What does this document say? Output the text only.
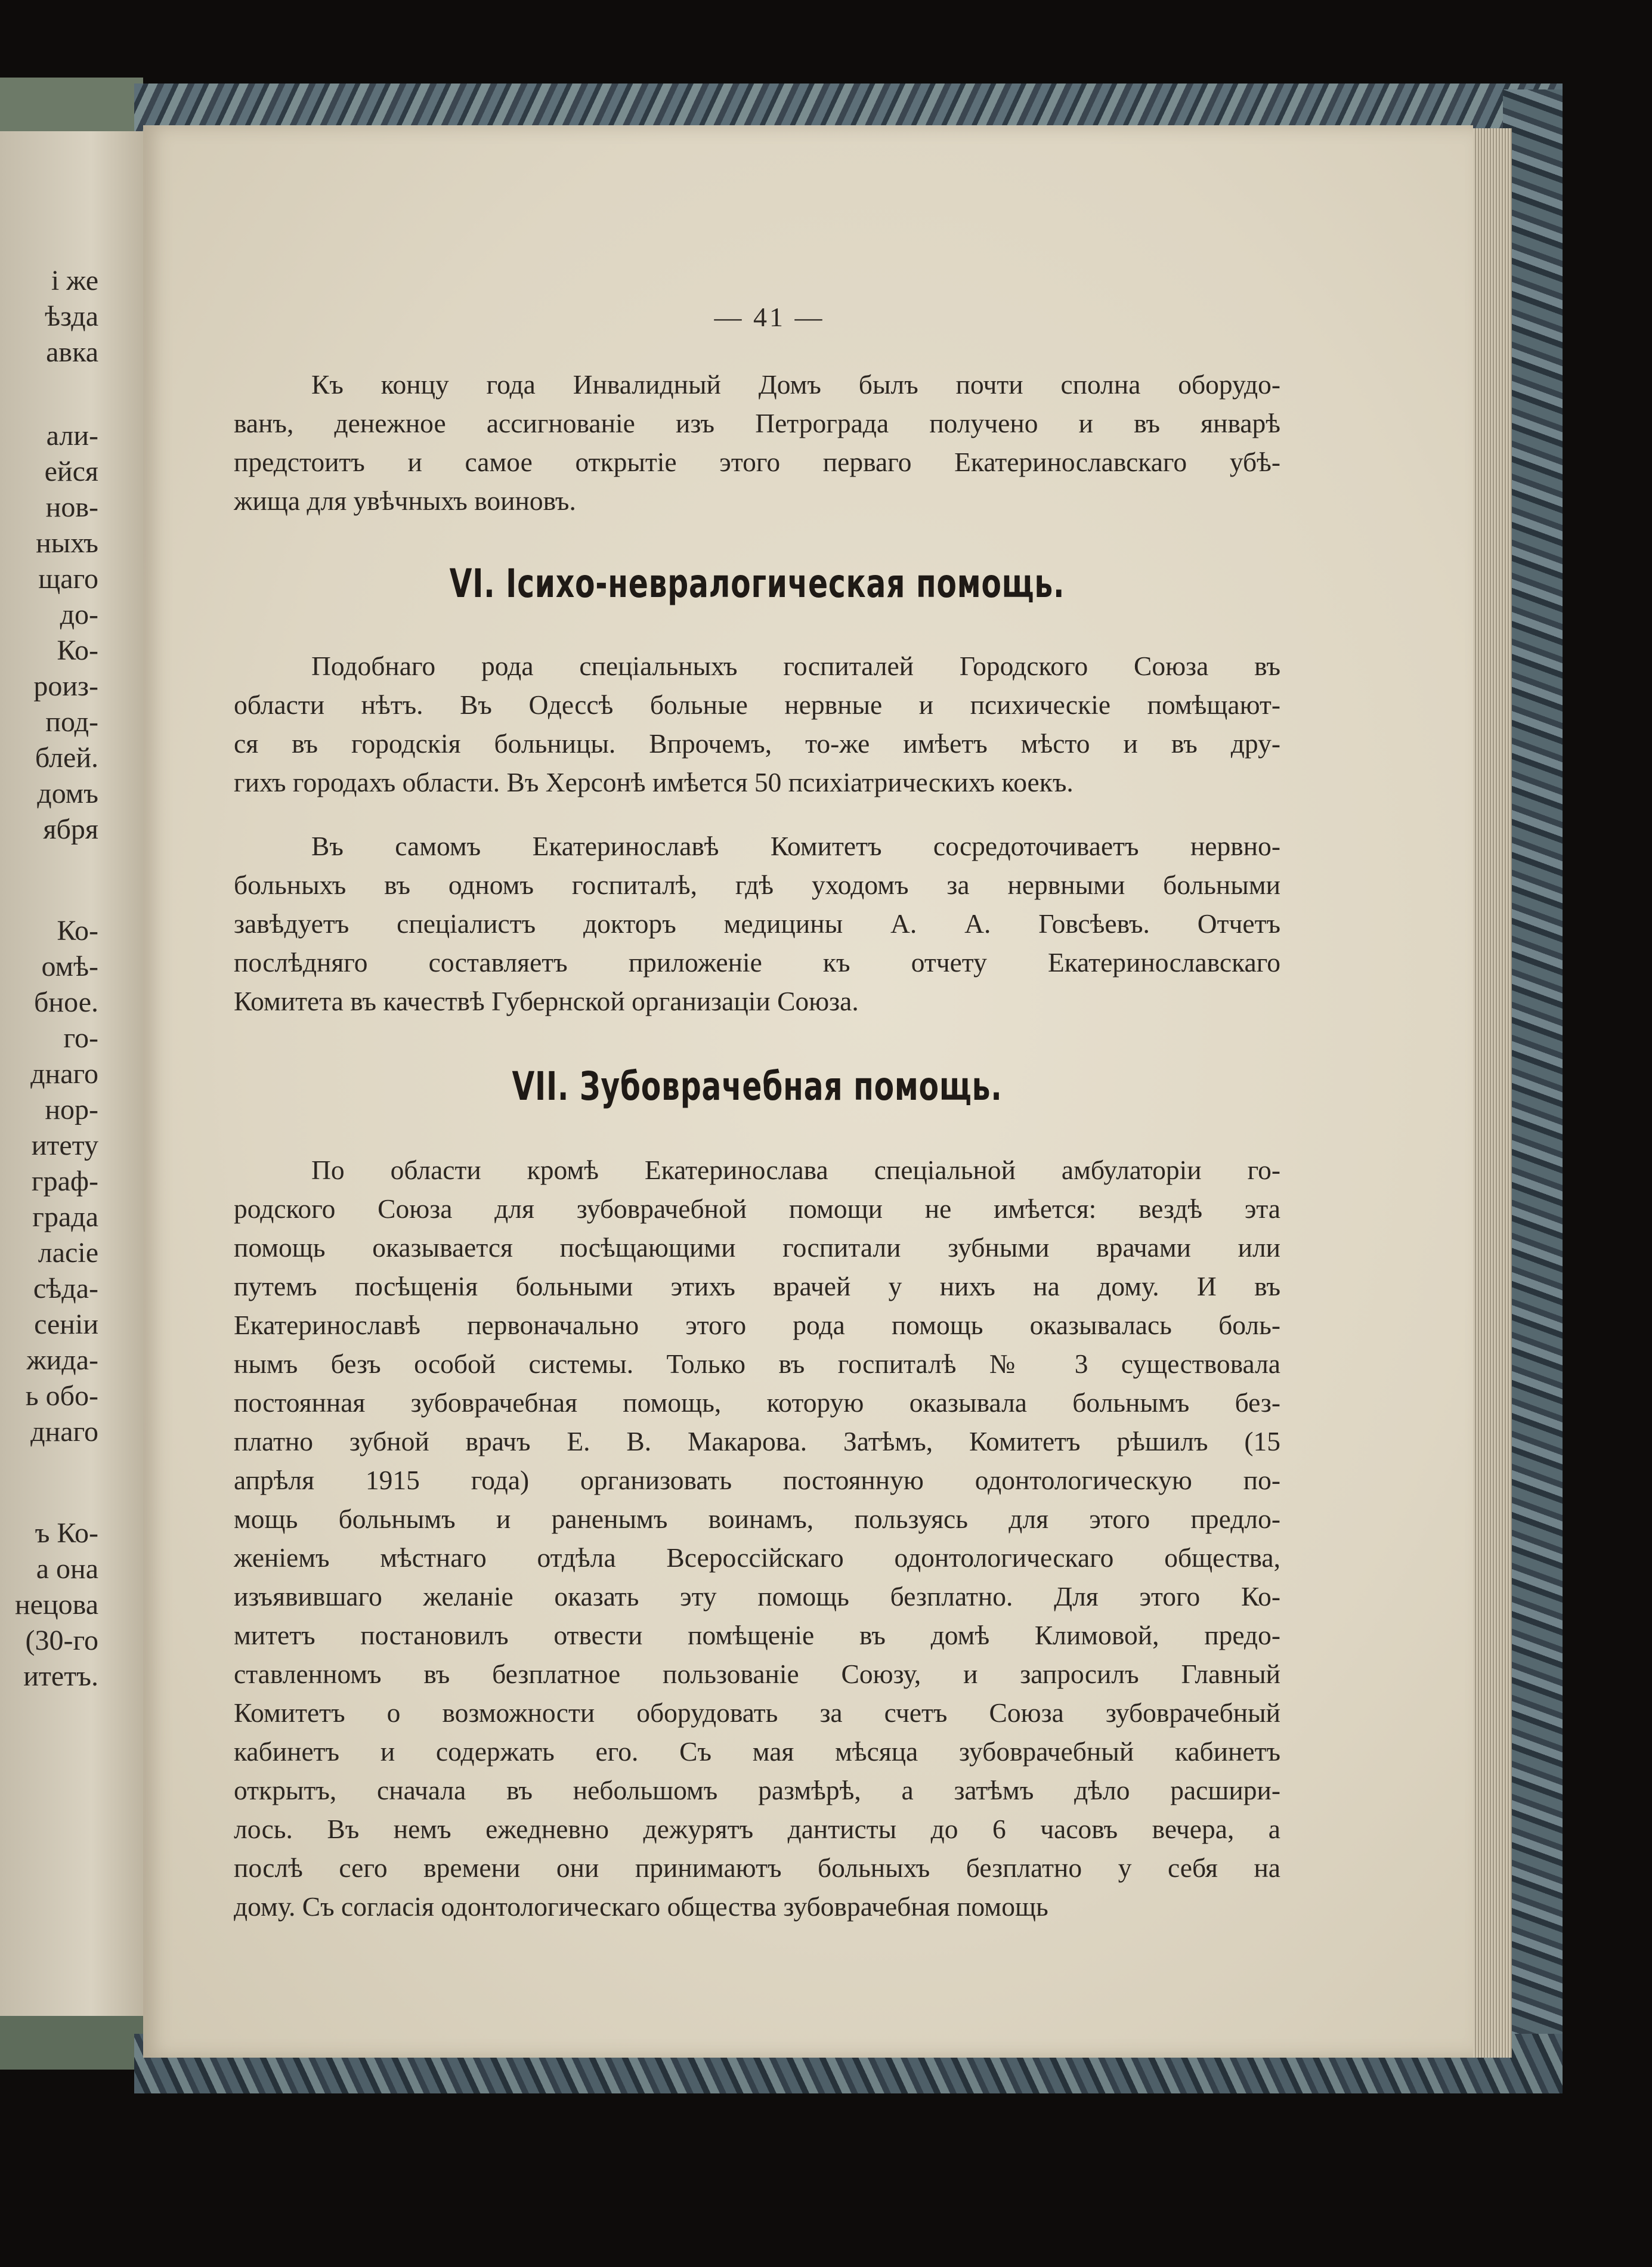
і же
ѣзда
авка
али-
ейся
нов-
ныхъ
щаго
до-
Ко-
роиз-
под-
блей.
домъ
ября
Ко-
омѣ-
бное.
го-
днаго
нор-
итету
граф-
града
ласіе
сѣда-
сеніи
жида-
ь обо-
днаго
ъ Ко-
а она
нецова
(30-го
итетъ.
— 41 —
Къ концу года Инвалидный Домъ былъ почти сполна оборудо-
ванъ, денежное ассигнованіе изъ Петрограда получено и въ январѣ
предстоитъ и самое открытіе этого перваго Екатеринославскаго убѣ-
жища для увѣчныхъ воиновъ.
VI. Ісихо-невралогическая помощь.
Подобнаго рода спеціальныхъ госпиталей Городского Союза въ
области нѣтъ. Въ Одессѣ больные нервные и психическіе помѣщают-
ся въ городскія больницы. Впрочемъ, то-же имѣетъ мѣсто и въ дру-
гихъ городахъ области. Въ Херсонѣ имѣется 50 психіатрическихъ коекъ.
Въ самомъ Екатеринославѣ Комитетъ сосредоточиваетъ нервно-
больныхъ въ одномъ госпиталѣ, гдѣ уходомъ за нервными больными
завѣдуетъ спеціалистъ докторъ медицины А. А. Говсѣевъ. Отчетъ
послѣдняго составляетъ приложеніе къ отчету Екатеринославскаго
Комитета въ качествѣ Губернской организаціи Союза.
VII. Зубоврачебная помощь.
По области кромѣ Екатеринослава спеціальной амбулаторіи го-
родского Союза для зубоврачебной помощи не имѣется: вездѣ эта
помощь оказывается посѣщающими госпитали зубными врачами или
путемъ посѣщенія больными этихъ врачей у нихъ на дому. И въ
Екатеринославѣ первоначально этого рода помощь оказывалась боль-
нымъ безъ особой системы. Только въ госпиталѣ № 3 существовала
постоянная зубоврачебная помощь, которую оказывала больнымъ без-
платно зубной врачъ Е. В. Макарова. Затѣмъ, Комитетъ рѣшилъ (15
апрѣля 1915 года) организовать постоянную одонтологическую по-
мощь больнымъ и раненымъ воинамъ, пользуясь для этого предло-
женіемъ мѣстнаго отдѣла Всероссійскаго одонтологическаго общества,
изъявившаго желаніе оказать эту помощь безплатно. Для этого Ко-
митетъ постановилъ отвести помѣщеніе въ домѣ Климовой, предо-
ставленномъ въ безплатное пользованіе Союзу, и запросилъ Главный
Комитетъ о возможности оборудовать за счетъ Союза зубоврачебный
кабинетъ и содержать его. Съ мая мѣсяца зубоврачебный кабинетъ
открытъ, сначала въ небольшомъ размѣрѣ, а затѣмъ дѣло расшири-
лось. Въ немъ ежедневно дежурятъ дантисты до 6 часовъ вечера, а
послѣ сего времени они принимаютъ больныхъ безплатно у себя на
дому. Съ согласія одонтологическаго общества зубоврачебная помощь
